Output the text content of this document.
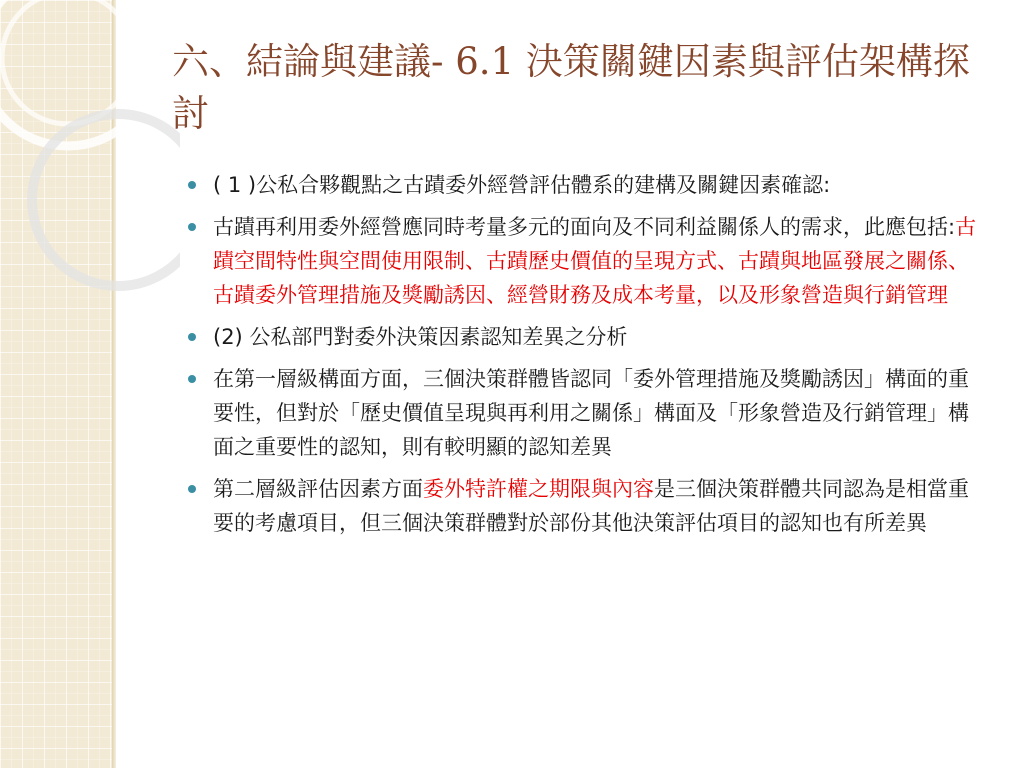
六、結論與建議- 6.1 決策關鍵因素與評估架構探討
( 1 )公私合夥觀點之古蹟委外經營評估體系的建構及關鍵因素確認:
古蹟再利用委外經營應同時考量多元的面向及不同利益關係人的需求，此應包括:古蹟空間特性與空間使用限制、古蹟歷史價值的呈現方式、古蹟與地區發展之關係、古蹟委外管理措施及獎勵誘因、經營財務及成本考量，以及形象營造與行銷管理
(2) 公私部門對委外決策因素認知差異之分析
在第一層級構面方面，三個決策群體皆認同「委外管理措施及獎勵誘因」構面的重要性，但對於「歷史價值呈現與再利用之關係」構面及「形象營造及行銷管理」構面之重要性的認知，則有較明顯的認知差異
第二層級評估因素方面委外特許權之期限與內容是三個決策群體共同認為是相當重要的考慮項目，但三個決策群體對於部份其他決策評估項目的認知也有所差異
